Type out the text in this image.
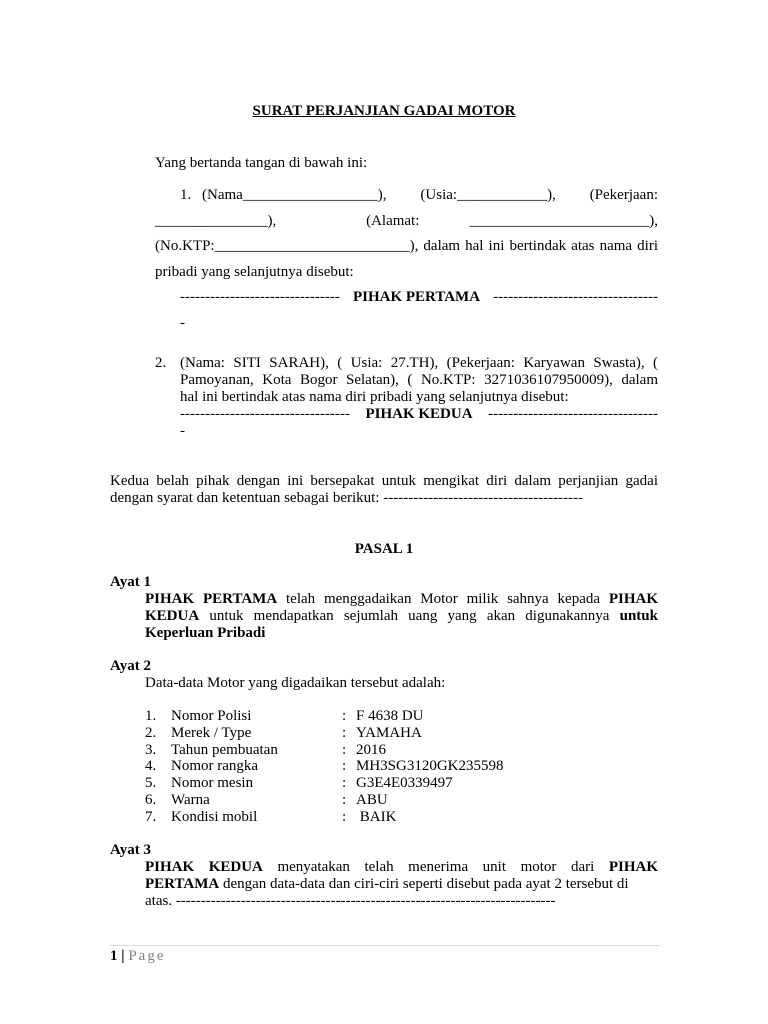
SURAT PERJANJIAN GADAI MOTOR
Yang bertanda tangan di bawah ini:
1. (Nama__________________), (Usia:____________), (Pekerjaan:
_______________),	(Alamat:	________________________),
(No.KTP:__________________________), dalam hal ini bertindak atas nama diri
pribadi yang selanjutnya disebut:
-------------------------------- PIHAK PERTAMA ---------------------------------
-
2. (Nama: SITI SARAH), ( Usia: 27.TH), (Pekerjaan: Karyawan Swasta), (
Pamoyanan, Kota Bogor Selatan), ( No.KTP: 3271036107950009), dalam
hal ini bertindak atas nama diri pribadi yang selanjutnya disebut:
---------------------------------- PIHAK KEDUA ----------------------------------
-
Kedua belah pihak dengan ini bersepakat untuk mengikat diri dalam perjanjian gadai
dengan syarat dan ketentuan sebagai berikut: ----------------------------------------
PASAL 1
Ayat 1
PIHAK PERTAMA telah menggadaikan Motor milik sahnya kepada PIHAK
KEDUA untuk mendapatkan sejumlah uang yang akan digunakannya untuk
Keperluan Pribadi
Ayat 2
Data-data Motor yang digadaikan tersebut adalah:
1. Nomor Polisi	: F 4638 DU
2. Merek / Type	: YAMAHA
3. Tahun pembuatan	: 2016
4. Nomor rangka	: MH3SG3120GK235598
5. Nomor mesin	: G3E4E0339497
6. Warna	: ABU
7. Kondisi mobil	: BAIK
Ayat 3
PIHAK KEDUA menyatakan telah menerima unit motor dari PIHAK
PERTAMA dengan data-data dan ciri-ciri seperti disebut pada ayat 2 tersebut di
atas. ----------------------------------------------------------------------------
1 | Page
